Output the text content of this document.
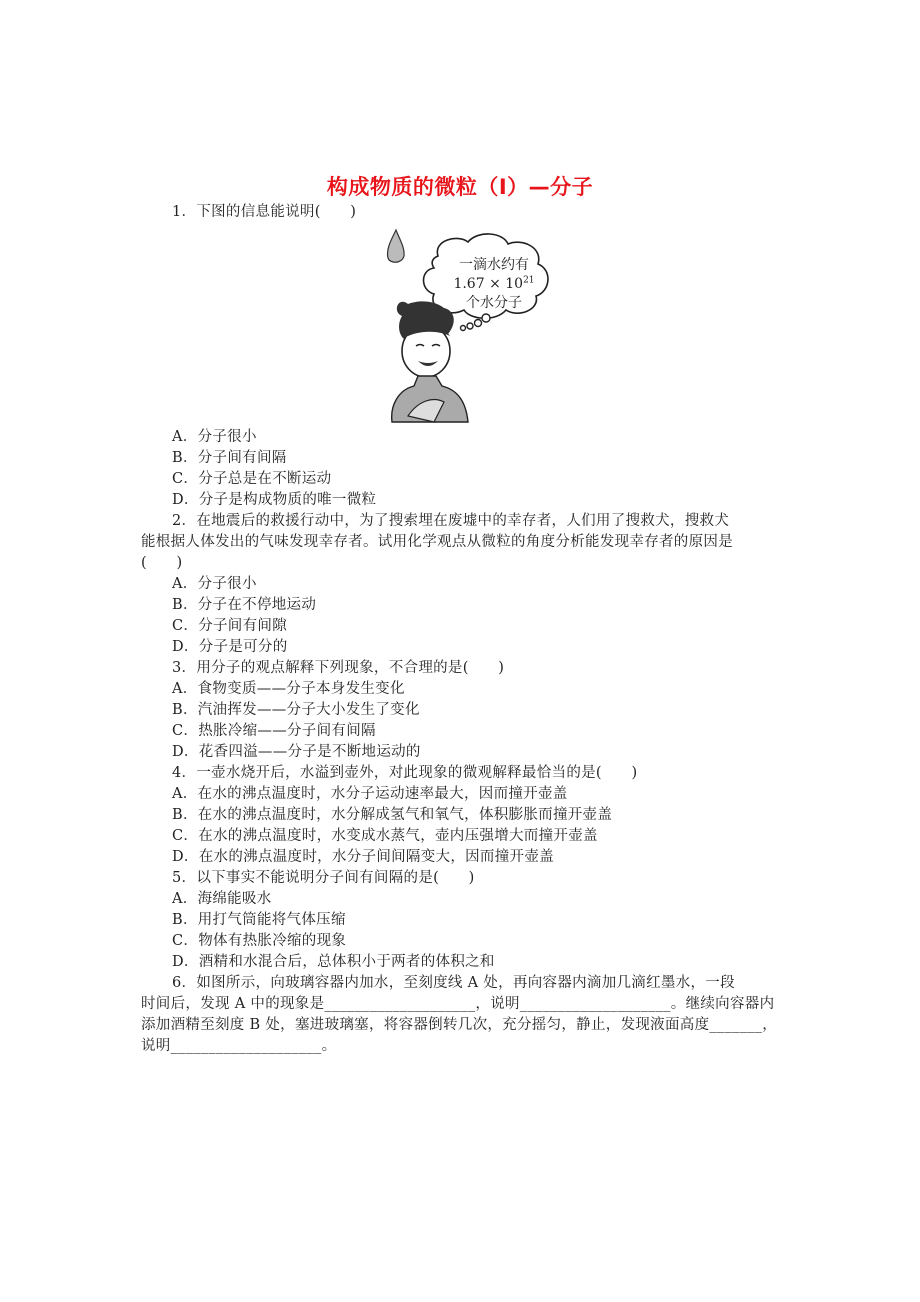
构成物质的微粒（Ⅰ）—分子
一滴水约有
$1.67 \times 10^{21}$
个水分子
1．下图的信息能说明(　　)
A．分子很小
B．分子间有间隔
C．分子总是在不断运动
D．分子是构成物质的唯一微粒
2．在地震后的救援行动中，为了搜索埋在废墟中的幸存者，人们用了搜救犬，搜救犬
能根据人体发出的气味发现幸存者。试用化学观点从微粒的角度分析能发现幸存者的原因是
(　　)
A．分子很小
B．分子在不停地运动
C．分子间有间隙
D．分子是可分的
3．用分子的观点解释下列现象，不合理的是(　　)
A．食物变质——分子本身发生变化
B．汽油挥发——分子大小发生了变化
C．热胀冷缩——分子间有间隔
D．花香四溢——分子是不断地运动的
4．一壶水烧开后，水溢到壶外，对此现象的微观解释最恰当的是(　　)
A．在水的沸点温度时，水分子运动速率最大，因而撞开壶盖
B．在水的沸点温度时，水分解成氢气和氧气，体积膨胀而撞开壶盖
C．在水的沸点温度时，水变成水蒸气，壶内压强增大而撞开壶盖
D．在水的沸点温度时，水分子间间隔变大，因而撞开壶盖
5．以下事实不能说明分子间有间隔的是(　　)
A．海绵能吸水
B．用打气筒能将气体压缩
C．物体有热胀冷缩的现象
D．酒精和水混合后，总体积小于两者的体积之和
6．如图所示，向玻璃容器内加水，至刻度线 A 处，再向容器内滴加几滴红墨水，一段
时间后，发现 A 中的现象是____________________，说明____________________。继续向容器内
添加酒精至刻度 B 处，塞进玻璃塞，将容器倒转几次，充分摇匀，静止，发现液面高度_______，
说明____________________。
